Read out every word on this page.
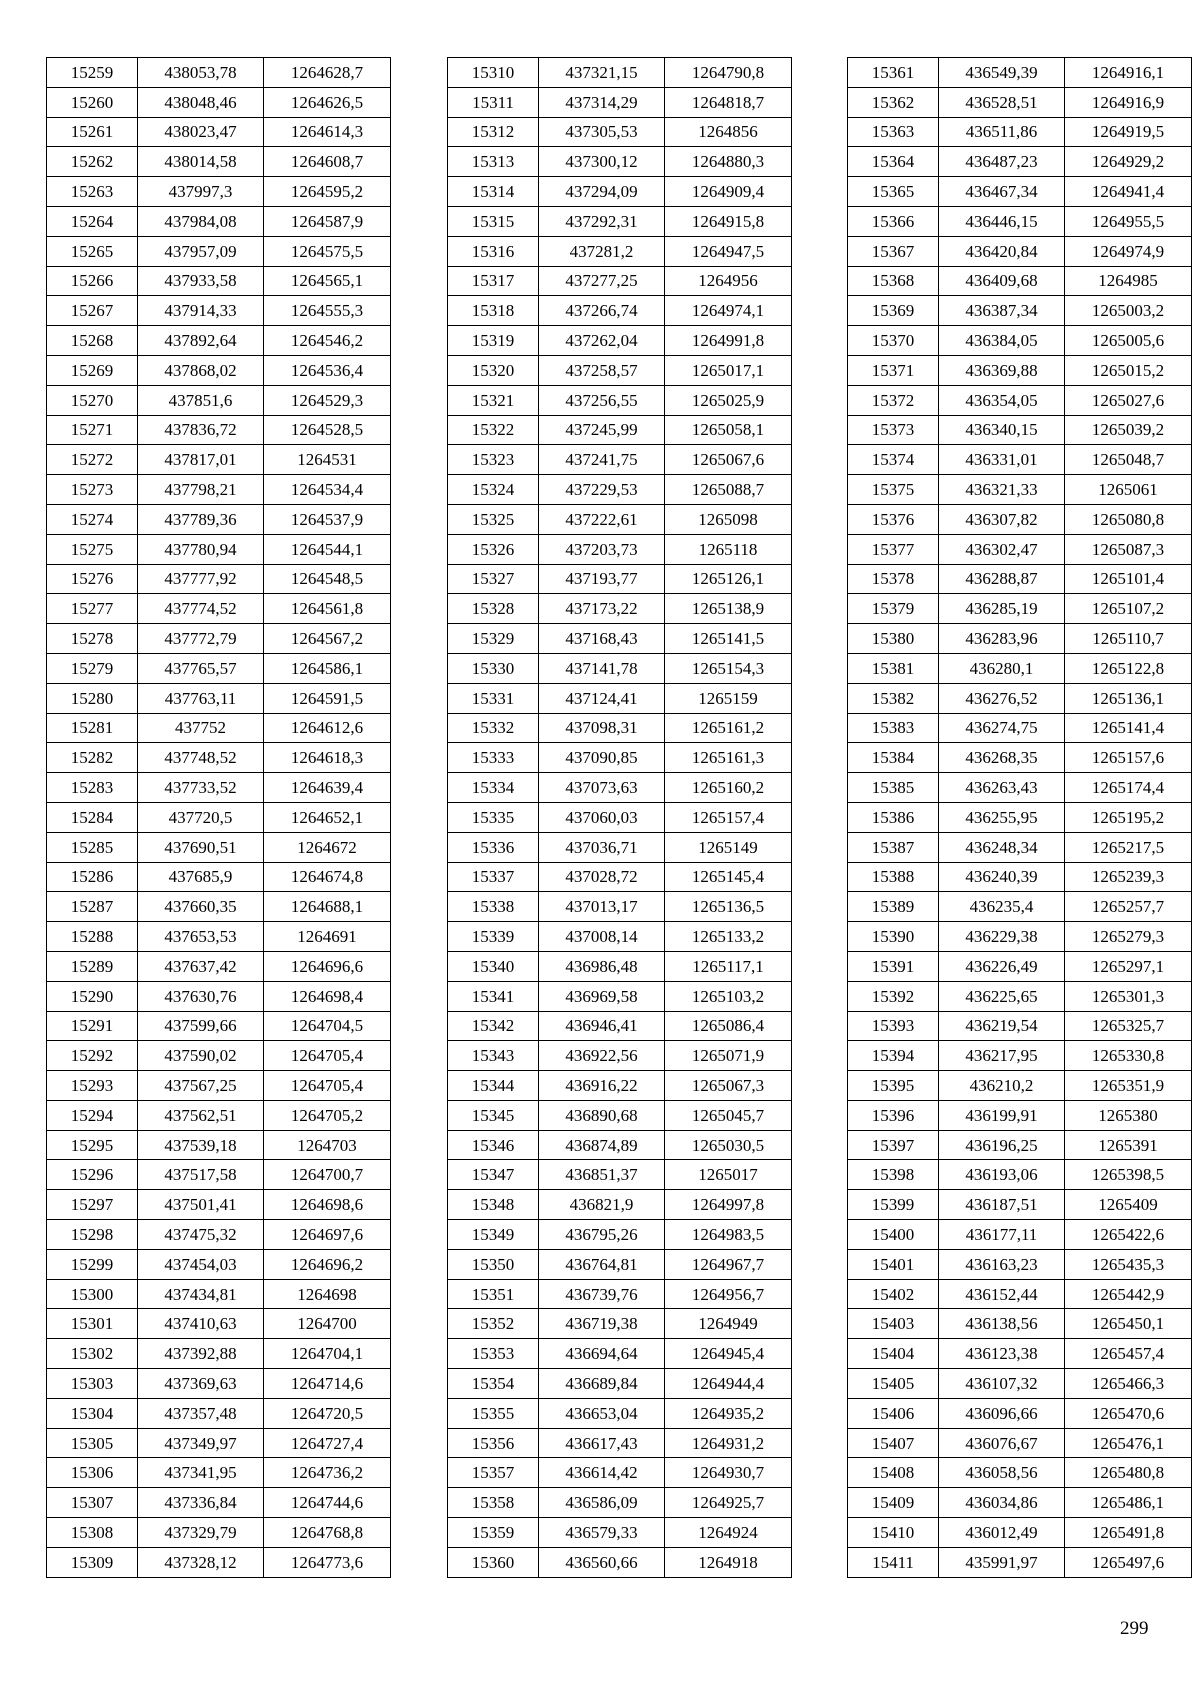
15259	438053,78	1264628,7
15260	438048,46	1264626,5
15261	438023,47	1264614,3
15262	438014,58	1264608,7
15263	437997,3	1264595,2
15264	437984,08	1264587,9
15265	437957,09	1264575,5
15266	437933,58	1264565,1
15267	437914,33	1264555,3
15268	437892,64	1264546,2
15269	437868,02	1264536,4
15270	437851,6	1264529,3
15271	437836,72	1264528,5
15272	437817,01	1264531
15273	437798,21	1264534,4
15274	437789,36	1264537,9
15275	437780,94	1264544,1
15276	437777,92	1264548,5
15277	437774,52	1264561,8
15278	437772,79	1264567,2
15279	437765,57	1264586,1
15280	437763,11	1264591,5
15281	437752	1264612,6
15282	437748,52	1264618,3
15283	437733,52	1264639,4
15284	437720,5	1264652,1
15285	437690,51	1264672
15286	437685,9	1264674,8
15287	437660,35	1264688,1
15288	437653,53	1264691
15289	437637,42	1264696,6
15290	437630,76	1264698,4
15291	437599,66	1264704,5
15292	437590,02	1264705,4
15293	437567,25	1264705,4
15294	437562,51	1264705,2
15295	437539,18	1264703
15296	437517,58	1264700,7
15297	437501,41	1264698,6
15298	437475,32	1264697,6
15299	437454,03	1264696,2
15300	437434,81	1264698
15301	437410,63	1264700
15302	437392,88	1264704,1
15303	437369,63	1264714,6
15304	437357,48	1264720,5
15305	437349,97	1264727,4
15306	437341,95	1264736,2
15307	437336,84	1264744,6
15308	437329,79	1264768,8
15309	437328,12	1264773,6
15310	437321,15	1264790,8
15311	437314,29	1264818,7
15312	437305,53	1264856
15313	437300,12	1264880,3
15314	437294,09	1264909,4
15315	437292,31	1264915,8
15316	437281,2	1264947,5
15317	437277,25	1264956
15318	437266,74	1264974,1
15319	437262,04	1264991,8
15320	437258,57	1265017,1
15321	437256,55	1265025,9
15322	437245,99	1265058,1
15323	437241,75	1265067,6
15324	437229,53	1265088,7
15325	437222,61	1265098
15326	437203,73	1265118
15327	437193,77	1265126,1
15328	437173,22	1265138,9
15329	437168,43	1265141,5
15330	437141,78	1265154,3
15331	437124,41	1265159
15332	437098,31	1265161,2
15333	437090,85	1265161,3
15334	437073,63	1265160,2
15335	437060,03	1265157,4
15336	437036,71	1265149
15337	437028,72	1265145,4
15338	437013,17	1265136,5
15339	437008,14	1265133,2
15340	436986,48	1265117,1
15341	436969,58	1265103,2
15342	436946,41	1265086,4
15343	436922,56	1265071,9
15344	436916,22	1265067,3
15345	436890,68	1265045,7
15346	436874,89	1265030,5
15347	436851,37	1265017
15348	436821,9	1264997,8
15349	436795,26	1264983,5
15350	436764,81	1264967,7
15351	436739,76	1264956,7
15352	436719,38	1264949
15353	436694,64	1264945,4
15354	436689,84	1264944,4
15355	436653,04	1264935,2
15356	436617,43	1264931,2
15357	436614,42	1264930,7
15358	436586,09	1264925,7
15359	436579,33	1264924
15360	436560,66	1264918
15361	436549,39	1264916,1
15362	436528,51	1264916,9
15363	436511,86	1264919,5
15364	436487,23	1264929,2
15365	436467,34	1264941,4
15366	436446,15	1264955,5
15367	436420,84	1264974,9
15368	436409,68	1264985
15369	436387,34	1265003,2
15370	436384,05	1265005,6
15371	436369,88	1265015,2
15372	436354,05	1265027,6
15373	436340,15	1265039,2
15374	436331,01	1265048,7
15375	436321,33	1265061
15376	436307,82	1265080,8
15377	436302,47	1265087,3
15378	436288,87	1265101,4
15379	436285,19	1265107,2
15380	436283,96	1265110,7
15381	436280,1	1265122,8
15382	436276,52	1265136,1
15383	436274,75	1265141,4
15384	436268,35	1265157,6
15385	436263,43	1265174,4
15386	436255,95	1265195,2
15387	436248,34	1265217,5
15388	436240,39	1265239,3
15389	436235,4	1265257,7
15390	436229,38	1265279,3
15391	436226,49	1265297,1
15392	436225,65	1265301,3
15393	436219,54	1265325,7
15394	436217,95	1265330,8
15395	436210,2	1265351,9
15396	436199,91	1265380
15397	436196,25	1265391
15398	436193,06	1265398,5
15399	436187,51	1265409
15400	436177,11	1265422,6
15401	436163,23	1265435,3
15402	436152,44	1265442,9
15403	436138,56	1265450,1
15404	436123,38	1265457,4
15405	436107,32	1265466,3
15406	436096,66	1265470,6
15407	436076,67	1265476,1
15408	436058,56	1265480,8
15409	436034,86	1265486,1
15410	436012,49	1265491,8
15411	435991,97	1265497,6
299
